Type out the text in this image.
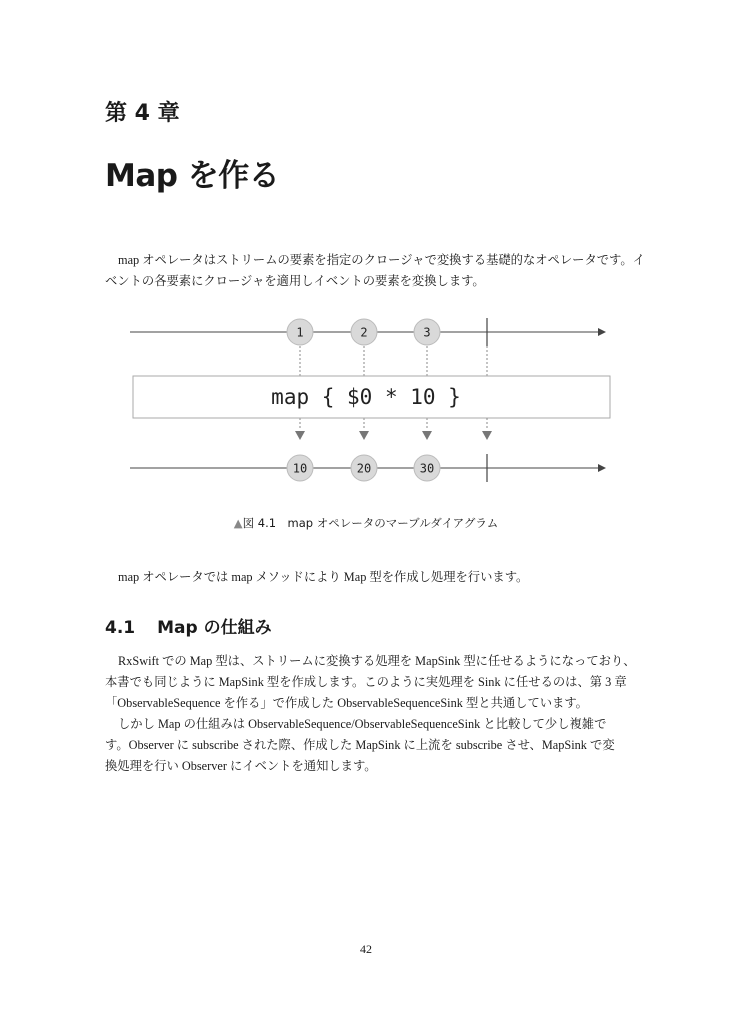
第 4 章
Map を作る
map オペレータはストリームの要素を指定のクロージャで変換する基礎的なオペレータです。イ
ベントの各要素にクロージャを適用しイベントの要素を変換します。
1	2	3
map { $0 * 10 }
10	20	30
▲図 4.1　map オペレータのマーブルダイアグラム
map オペレータでは map メソッドにより Map 型を作成し処理を行います。
4.1 Map の仕組み
RxSwift での Map 型は、ストリームに変換する処理を MapSink 型に任せるようになっており、
本書でも同じように MapSink 型を作成します。このように実処理を Sink に任せるのは、第 3 章
「ObservableSequence を作る」で作成した ObservableSequenceSink 型と共通しています。
しかし Map の仕組みは ObservableSequence/ObservableSequenceSink と比較して少し複雑で
す。Observer に subscribe された際、作成した MapSink に上流を subscribe させ、MapSink で変
換処理を行い Observer にイベントを通知します。
42
